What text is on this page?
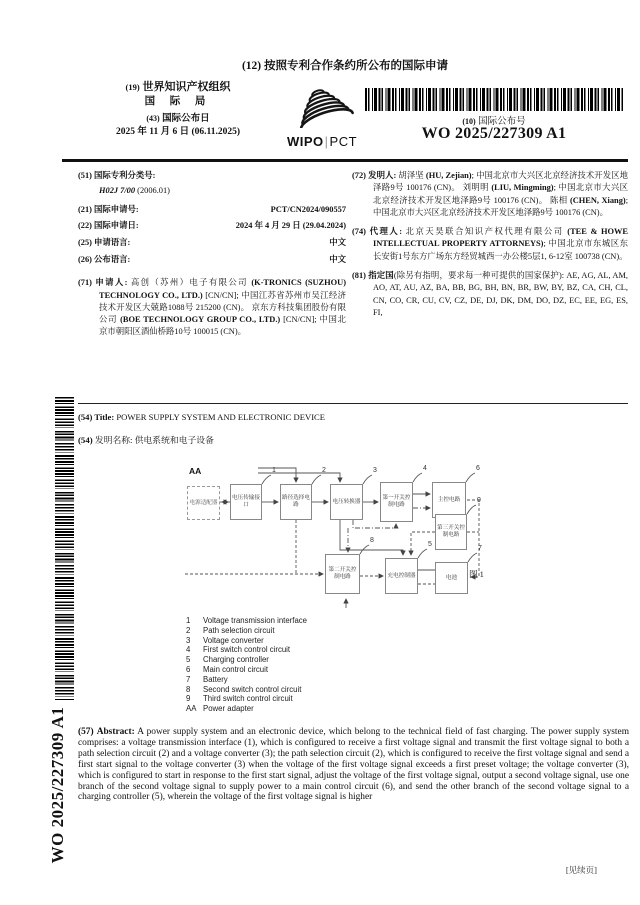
(12) 按照专利合作条约所公布的国际申请
(19) 世界知识产权组织
国 际 局
(43) 国际公布日
2025 年 11 月 6 日 (06.11.2025)
WIPO|PCT
(10) 国际公布号
WO 2025/227309 A1
(51) 国际专利分类号:
H02J 7/00 (2006.01)
(21) 国际申请号:	PCT/CN2024/090557
(22) 国际申请日:	2024 年 4 月 29 日 (29.04.2024)
(25) 申请语言:	中文
(26) 公布语言:	中文
(71) 申请人: 高创（苏州）电子有限公司 (K-TRONICS (SUZHOU) TECHNOLOGY CO., LTD.) [CN/CN]; 中国江苏省苏州市吴江经济技术开发区大兢路1088号 215200 (CN)。 京东方科技集团股份有限公司 (BOE TECHNOLOGY GROUP CO., LTD.) [CN/CN]; 中国北京市朝阳区酒仙桥路10号 100015 (CN)。
(72) 发明人: 胡泽坚 (HU, Zejian); 中国北京市大兴区北京经济技术开发区地泽路9号 100176 (CN)。 刘明明 (LIU, Mingming); 中国北京市大兴区北京经济技术开发区地泽路9号 100176 (CN)。 陈相 (CHEN, Xiang); 中国北京市大兴区北京经济技术开发区地泽路9号 100176 (CN)。
(74) 代理人: 北京天昊联合知识产权代理有限公司 (TEE & HOWE INTELLECTUAL PROPERTY ATTORNEYS); 中国北京市东城区东长安街1号东方广场东方经贸城西一办公楼5层1, 6-12室 100738 (CN)。
(81) 指定国(除另有指明，要求每一种可提供的国家保护): AE, AG, AL, AM, AO, AT, AU, AZ, BA, BB, BG, BH, BN, BR, BW, BY, BZ, CA, CH, CL, CN, CO, CR, CU, CV, CZ, DE, DJ, DK, DM, DO, DZ, EC, EE, EG, ES, FI,
(54) Title: POWER SUPPLY SYSTEM AND ELECTRONIC DEVICE
(54) 发明名称: 供电系统和电子设备
AA
电源适配器
电压传输接口
路径选择电路
电压转换器
第一开关控制电路
主控电路
第三开关控制电路
第二开关控制电路	充电控制器	电池
1	2	3	4	6
9
8
5
7
图 1
1 Voltage transmission interface
2 Path selection circuit
3 Voltage converter
4 First switch control circuit
5 Charging controller
6 Main control circuit
7 Battery
8 Second switch control circuit
9 Third switch control circuit
AA Power adapter
(57) Abstract: A power supply system and an electronic device, which belong to the technical field of fast charging. The power supply system comprises: a voltage transmission interface (1), which is configured to receive a first voltage signal and transmit the first voltage signal to both a path selection circuit (2) and a voltage converter (3); the path selection circuit (2), which is configured to receive the first voltage signal and send a first start signal to the voltage converter (3) when the voltage of the first voltage signal exceeds a first preset voltage; the voltage converter (3), which is configured to start in response to the first start signal, adjust the voltage of the first voltage signal, output a second voltage signal, use one branch of the second voltage signal to supply power to a main control circuit (6), and send the other branch of the second voltage signal to a charging controller (5), wherein the voltage of the first voltage signal is higher
[见续页]
WO 2025/227309 A1
